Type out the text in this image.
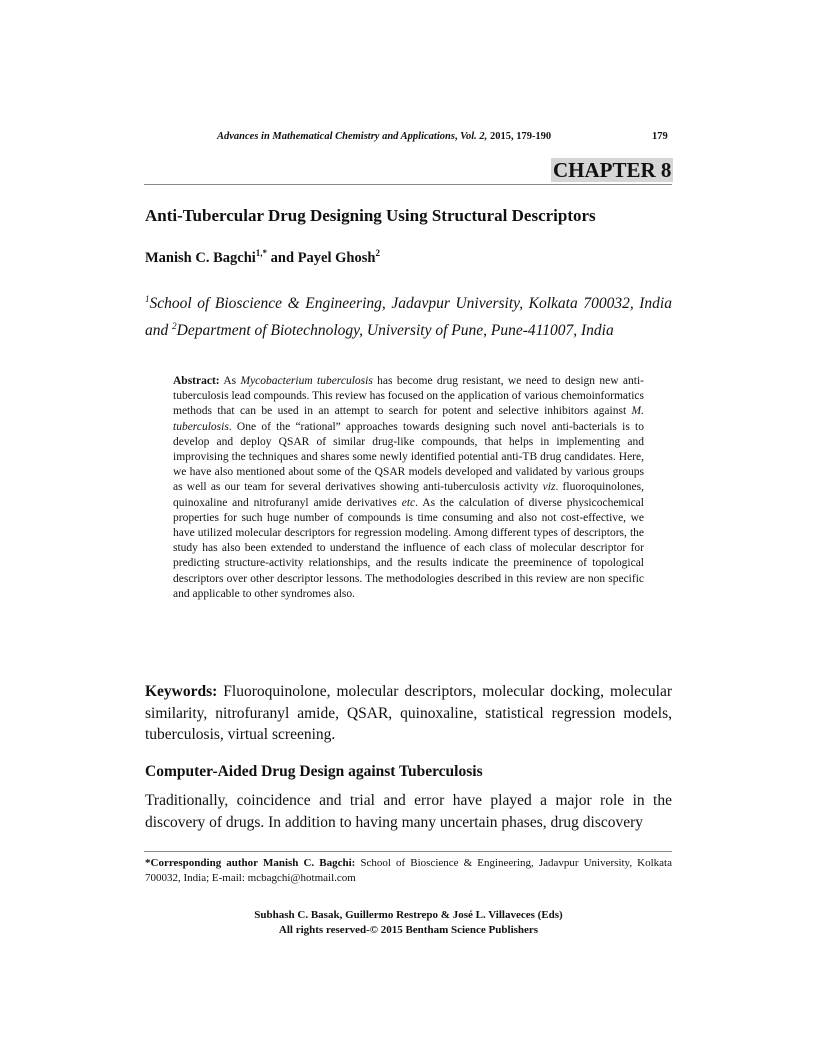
Advances in Mathematical Chemistry and Applications, Vol. 2, 2015, 179-190	179
CHAPTER 8
Anti-Tubercular Drug Designing Using Structural Descriptors
Manish C. Bagchi$^{1,*}$ and Payel Ghosh$^2$
$^1$School of Bioscience & Engineering, Jadavpur University, Kolkata 700032, India and $^2$Department of Biotechnology, University of Pune, Pune-411007, India
Abstract: As Mycobacterium tuberculosis has become drug resistant, we need to design new anti-tuberculosis lead compounds. This review has focused on the application of various chemoinformatics methods that can be used in an attempt to search for potent and selective inhibitors against M. tuberculosis. One of the “rational” approaches towards designing such novel anti-bacterials is to develop and deploy QSAR of similar drug-like compounds, that helps in implementing and improvising the techniques and shares some newly identified potential anti-TB drug candidates. Here, we have also mentioned about some of the QSAR models developed and validated by various groups as well as our team for several derivatives showing anti-tuberculosis activity viz. fluoroquinolones, quinoxaline and nitrofuranyl amide derivatives etc. As the calculation of diverse physicochemical properties for such huge number of compounds is time consuming and also not cost-effective, we have utilized molecular descriptors for regression modeling. Among different types of descriptors, the study has also been extended to understand the influence of each class of molecular descriptor for predicting structure-activity relationships, and the results indicate the preeminence of topological descriptors over other descriptor lessons. The methodologies described in this review are non specific and applicable to other syndromes also.
Keywords: Fluoroquinolone, molecular descriptors, molecular docking, molecular similarity, nitrofuranyl amide, QSAR, quinoxaline, statistical regression models, tuberculosis, virtual screening.
Computer-Aided Drug Design against Tuberculosis
Traditionally, coincidence and trial and error have played a major role in the discovery of drugs. In addition to having many uncertain phases, drug discovery
*Corresponding author Manish C. Bagchi: School of Bioscience & Engineering, Jadavpur University, Kolkata 700032, India; E-mail: mcbagchi@hotmail.com
Subhash C. Basak, Guillermo Restrepo & José L. Villaveces (Eds)
All rights reserved-© 2015 Bentham Science Publishers
